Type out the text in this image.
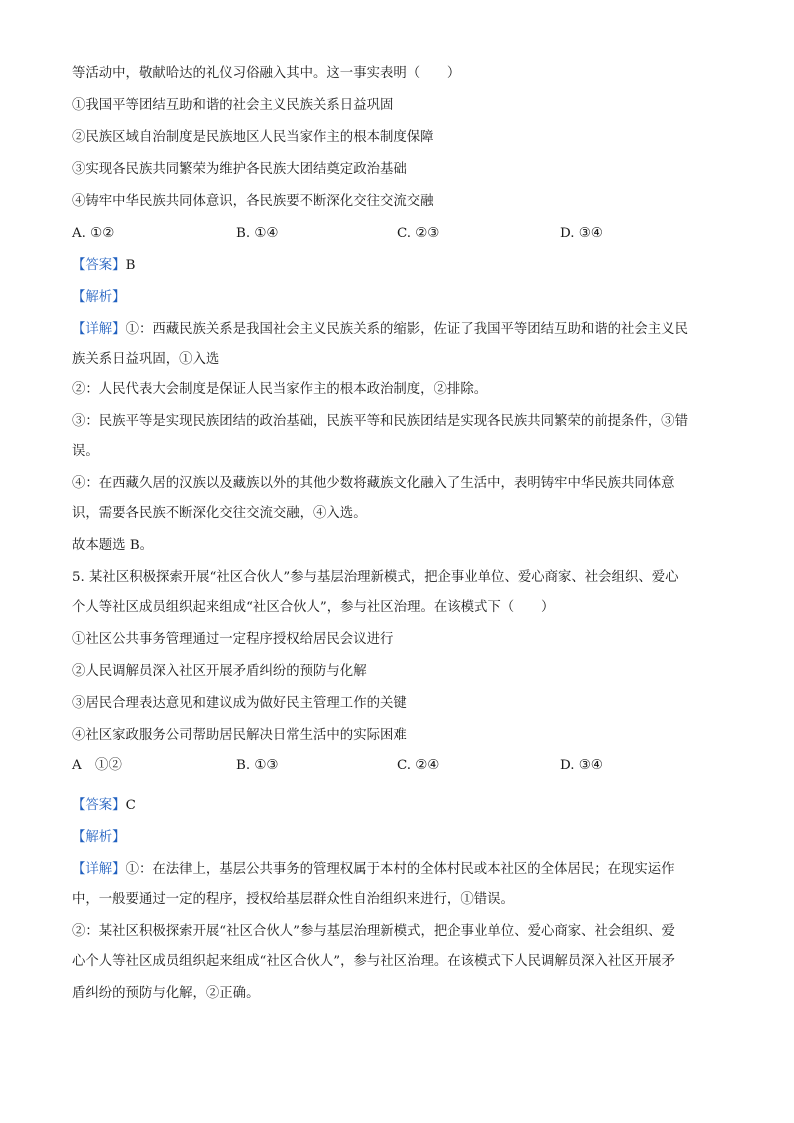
等活动中，敬献哈达的礼仪习俗融入其中。这一事实表明（　　）
①我国平等团结互助和谐的社会主义民族关系日益巩固
②民族区域自治制度是民族地区人民当家作主的根本制度保障
③实现各民族共同繁荣为维护各民族大团结奠定政治基础
④铸牢中华民族共同体意识，各民族要不断深化交往交流交融
A. ①②	B. ①④	C. ②③	D. ③④
【答案】B
【解析】
【详解】①：西藏民族关系是我国社会主义民族关系的缩影，佐证了我国平等团结互助和谐的社会主义民
族关系日益巩固，①入选
②：人民代表大会制度是保证人民当家作主的根本政治制度，②排除。
③：民族平等是实现民族团结的政治基础，民族平等和民族团结是实现各民族共同繁荣的前提条件，③错
误。
④：在西藏久居的汉族以及藏族以外的其他少数将藏族文化融入了生活中，表明铸牢中华民族共同体意
识，需要各民族不断深化交往交流交融，④入选。
故本题选 B。
5. 某社区积极探索开展“社区合伙人”参与基层治理新模式，把企事业单位、爱心商家、社会组织、爱心
个人等社区成员组织起来组成“社区合伙人”，参与社区治理。在该模式下（　　）
①社区公共事务管理通过一定程序授权给居民会议进行
②人民调解员深入社区开展矛盾纠纷的预防与化解
③居民合理表达意见和建议成为做好民主管理工作的关键
④社区家政服务公司帮助居民解决日常生活中的实际困难
A　①②	B. ①③	C. ②④	D. ③④
【答案】C
【解析】
【详解】①：在法律上，基层公共事务的管理权属于本村的全体村民或本社区的全体居民；在现实运作
中，一般要通过一定的程序，授权给基层群众性自治组织来进行，①错误。
②：某社区积极探索开展“社区合伙人”参与基层治理新模式，把企事业单位、爱心商家、社会组织、爱
心个人等社区成员组织起来组成“社区合伙人”，参与社区治理。在该模式下人民调解员深入社区开展矛
盾纠纷的预防与化解，②正确。
